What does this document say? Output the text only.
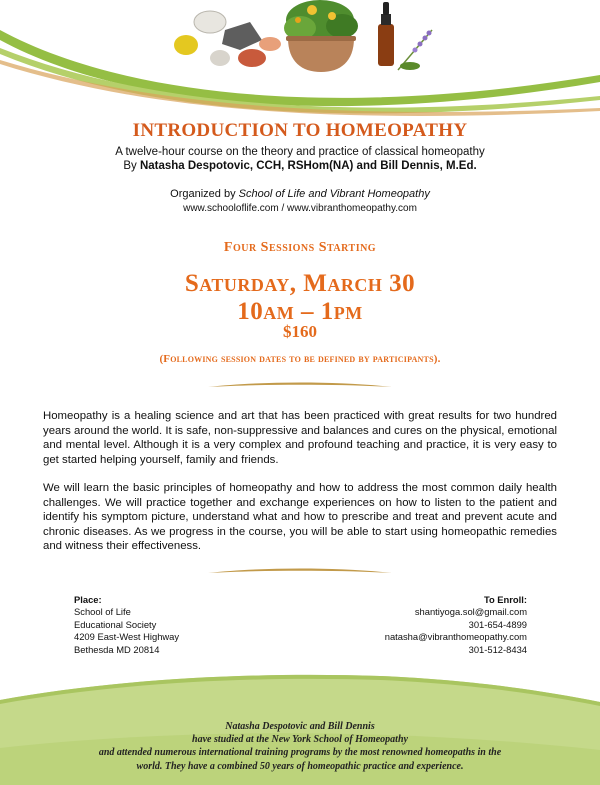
INTRODUCTION TO HOMEOPATHY
A twelve-hour course on the theory and practice of classical homeopathy
By Natasha Despotovic, CCH, RSHom(NA) and Bill Dennis, M.Ed.
Organized by School of Life and Vibrant Homeopathy
www.schooloflife.com / www.vibranthomeopathy.com
Four Sessions Starting
Saturday, March 30
10am – 1pm
$160
(Following session dates to be defined by participants).
Homeopathy is a healing science and art that has been practiced with great results for two hundred years around the world. It is safe, non-suppressive and balances and cures on the physical, emotional and mental level. Although it is a very complex and profound teaching and practice, it is very easy to get started helping yourself, family and friends.
We will learn the basic principles of homeopathy and how to address the most common daily health challenges. We will practice together and exchange experiences on how to listen to the patient and identify his symptom picture, understand what and how to prescribe and treat and prevent acute and chronic diseases. As we progress in the course, you will be able to start using homeopathic remedies and witness their effectiveness.
Place:
School of Life
Educational Society
4209 East-West Highway
Bethesda MD 20814
To Enroll:
shantiyoga.sol@gmail.com
301-654-4899
natasha@vibranthomeopathy.com
301-512-8434
Natasha Despotovic and Bill Dennis
have studied at the New York School of Homeopathy
and attended numerous international training programs by the most renowned homeopaths in the
world. They have a combined 50 years of homeopathic practice and experience.
